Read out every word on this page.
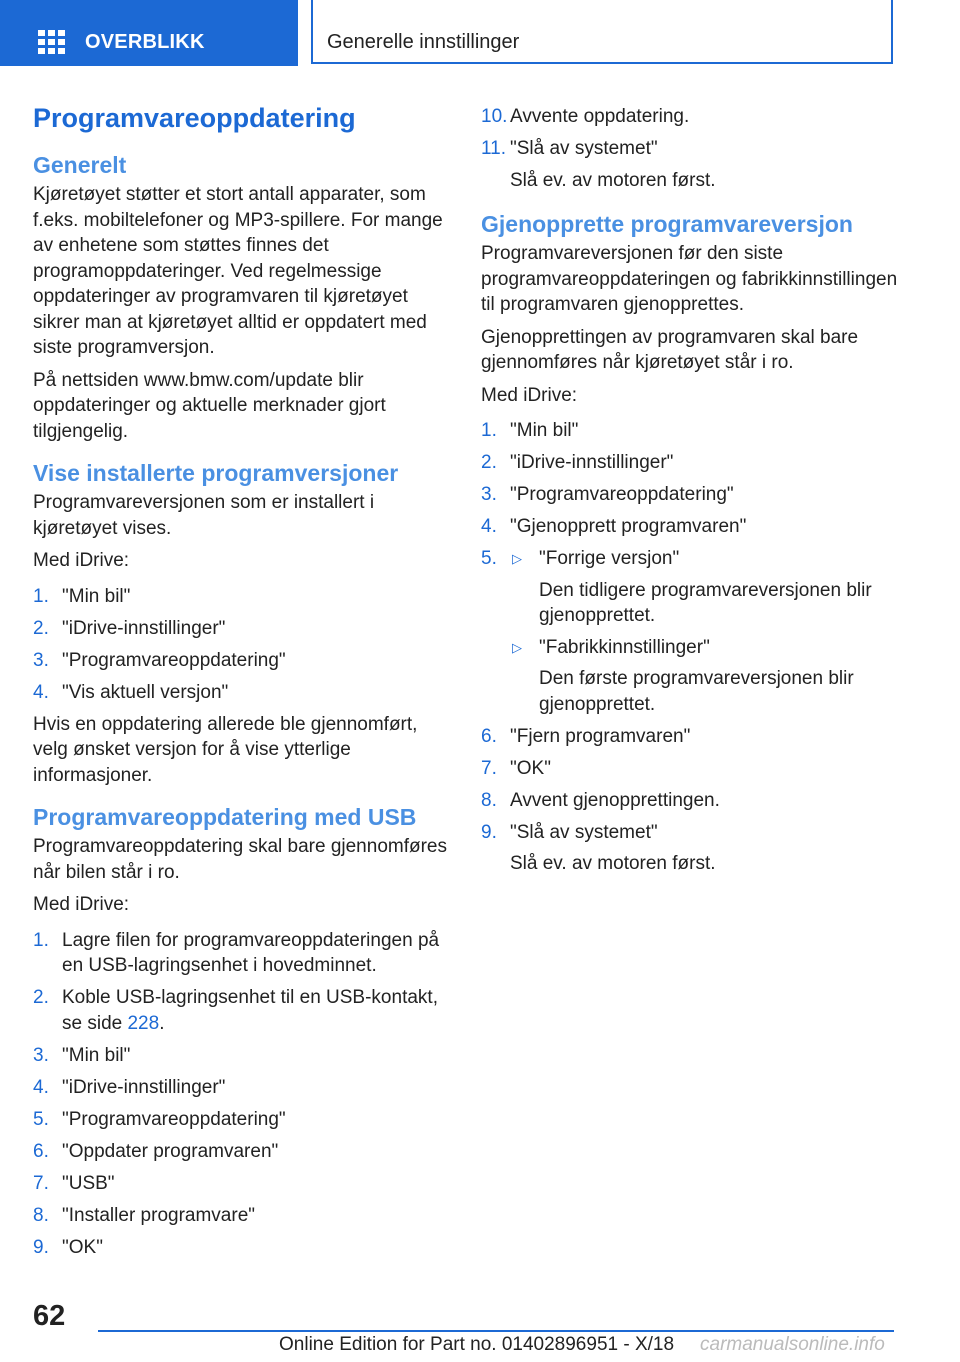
OVERBLIKK	Generelle innstillinger
Programvareoppdatering
Generelt

Kjøretøyet støtter et stort antall apparater, som f.eks. mobiltelefoner og MP3-spillere. For mange av enhetene som støttes finnes det programoppdateringer. Ved regelmessige oppdateringer av programvaren til kjøretøyet sikrer man at kjøretøyet alltid er oppdatert med siste programversjon.

På nettsiden www.bmw.com/update blir oppdateringer og aktuelle merknader gjort tilgjengelig.

Vise installerte programversjoner

Programvareversjonen som er installert i kjøretøyet vises.

Med iDrive:

1. "Min bil"
2. "iDrive-innstillinger"
3. "Programvareoppdatering"
4. "Vis aktuell versjon"

Hvis en oppdatering allerede ble gjennomført, velg ønsket versjon for å vise ytterlige informasjoner.

Programvareoppdatering med USB

Programvareoppdatering skal bare gjennomføres når bilen står i ro.

Med iDrive:

1. Lagre filen for programvareoppdateringen på en USB-lagringsenhet i hovedminnet.
2. Koble USB-lagringsenhet til en USB-kontakt, se side 228.
3. "Min bil"
4. "iDrive-innstillinger"
5. "Programvareoppdatering"
6. "Oppdater programvaren"
7. "USB"
8. "Installer programvare"
9. "OK"
10. Avvente oppdatering.
11. "Slå av systemet"
Slå ev. av motoren først.
Gjenopprette programvareversjon

Programvareversjonen før den siste programvareoppdateringen og fabrikkinnstillingen til programvaren gjenopprettes.

Gjenopprettingen av programvaren skal bare gjennomføres når kjøretøyet står i ro.

Med iDrive:

1. "Min bil"
2. "iDrive-innstillinger"
3. "Programvareoppdatering"
4. "Gjenopprett programvaren"
5. ▷ "Forrige versjon"
Den tidligere programvareversjonen blir gjenopprettet.
▷ "Fabrikkinnstillinger"
Den første programvareversjonen blir gjenopprettet.
6. "Fjern programvaren"
7. "OK"
8. Avvent gjenopprettingen.
9. "Slå av systemet"
Slå ev. av motoren først.
62
Online Edition for Part no. 01402896951 - X/18 carmanualsonline.info
